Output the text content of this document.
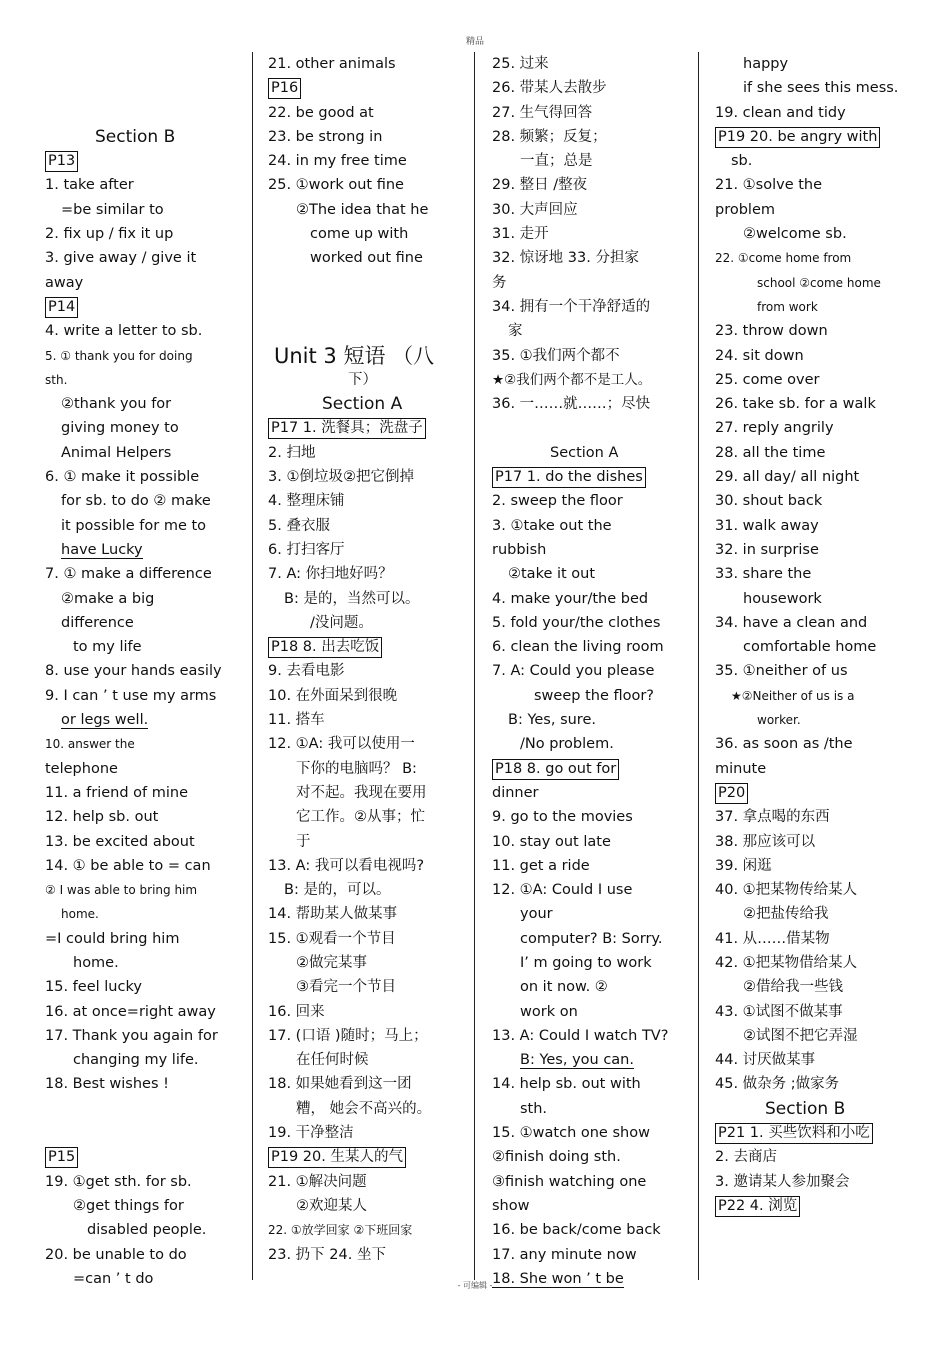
精品
Section B
P13
1. take after
=be similar to
2. fix up / fix it up
3. give away / give it
away
P14
4. write a letter to sb.
5. ① thank you for doing
sth.
②thank you for
giving money to
Animal Helpers
6. ① make it possible
for sb. to do ② make
it possible for me to
have Lucky
7. ① make a difference
②make a big
difference
to my life
8. use your hands easily
9. I can ’ t use my arms
or legs well.
10. answer the
telephone
11. a friend of mine
12. help sb. out
13. be excited about
14. ① be able to = can
② I was able to bring him
home.
=I could bring him
home.
15. feel lucky
16. at once=right away
17. Thank you again for
changing my life.
18. Best wishes !
P15
19. ①get sth. for sb.
②get things for
disabled people.
20. be unable to do
=can ’ t do
21. other animals
P16
22. be good at
23. be strong in
24. in my free time
25. ①work out fine
②The idea that he
come up with
worked out fine
Unit 3 短语 （八
下）
Section A
P17 1. 洗餐具；洗盘子
2. 扫地
3. ①倒垃圾②把它倒掉
4. 整理床铺
5. 叠衣服
6. 打扫客厅
7. A: 你扫地好吗？
B: 是的，当然可以。
/没问题。
P18 8. 出去吃饭
9. 去看电影
10. 在外面呆到很晚
11. 搭车
12. ①A: 我可以使用一
下你的电脑吗？ B:
对不起。我现在要用
它工作。②从事；忙
于
13. A: 我可以看电视吗?
B: 是的，可以。
14. 帮助某人做某事
15. ①观看一个节目
②做完某事
③看完一个节目
16. 回来
17. (口语 )随时；马上；
在任何时候
18. 如果她看到这一团
糟， 她会不高兴的。
19. 干净整洁
P19 20. 生某人的气
21. ①解决问题
②欢迎某人
22. ①放学回家 ②下班回家
23. 扔下 24. 坐下
25. 过来
26. 带某人去散步
27. 生气得回答
28. 频繁；反复；
一直；总是
29. 整日 /整夜
30. 大声回应
31. 走开
32. 惊讶地 33. 分担家
务
34. 拥有一个干净舒适的
家
35. ①我们两个都不
★②我们两个都不是工人。
36. 一……就……；尽快
Section A
P17 1. do the dishes
2. sweep the floor
3. ①take out the
rubbish
②take it out
4. make your/the bed
5. fold your/the clothes
6. clean the living room
7. A: Could you please
sweep the floor?
B: Yes, sure.
/No problem.
P18 8. go out for
dinner
9. go to the movies
10. stay out late
11. get a ride
12. ①A: Could I use
your
computer? B: Sorry.
I’ m going to work
on it now. ②
work on
13. A: Could I watch TV?
B: Yes, you can.
14. help sb. out with
sth.
15. ①watch one show
②finish doing sth.
③finish watching one
show
16. be back/come back
17. any minute now
18. She won ’ t be
happy
if she sees this mess.
19. clean and tidy
P19 20. be angry with
sb.
21. ①solve the
problem
②welcome sb.
22. ①come home from
school ②come home
from work
23. throw down
24. sit down
25. come over
26. take sb. for a walk
27. reply angrily
28. all the time
29. all day/ all night
30. shout back
31. walk away
32. in surprise
33. share the
housework
34. have a clean and
comfortable home
35. ①neither of us
★②Neither of us is a
worker.
36. as soon as /the
minute
P20
37. 拿点喝的东西
38. 那应该可以
39. 闲逛
40. ①把某物传给某人
②把盐传给我
41. 从……借某物
42. ①把某物借给某人
②借给我一些钱
43. ①试图不做某事
②试图不把它弄湿
44. 讨厌做某事
45. 做杂务 ;做家务
Section B
P21 1. 买些饮料和小吃
2. 去商店
3. 邀请某人参加聚会
P22 4. 浏览
- 可编辑 -
